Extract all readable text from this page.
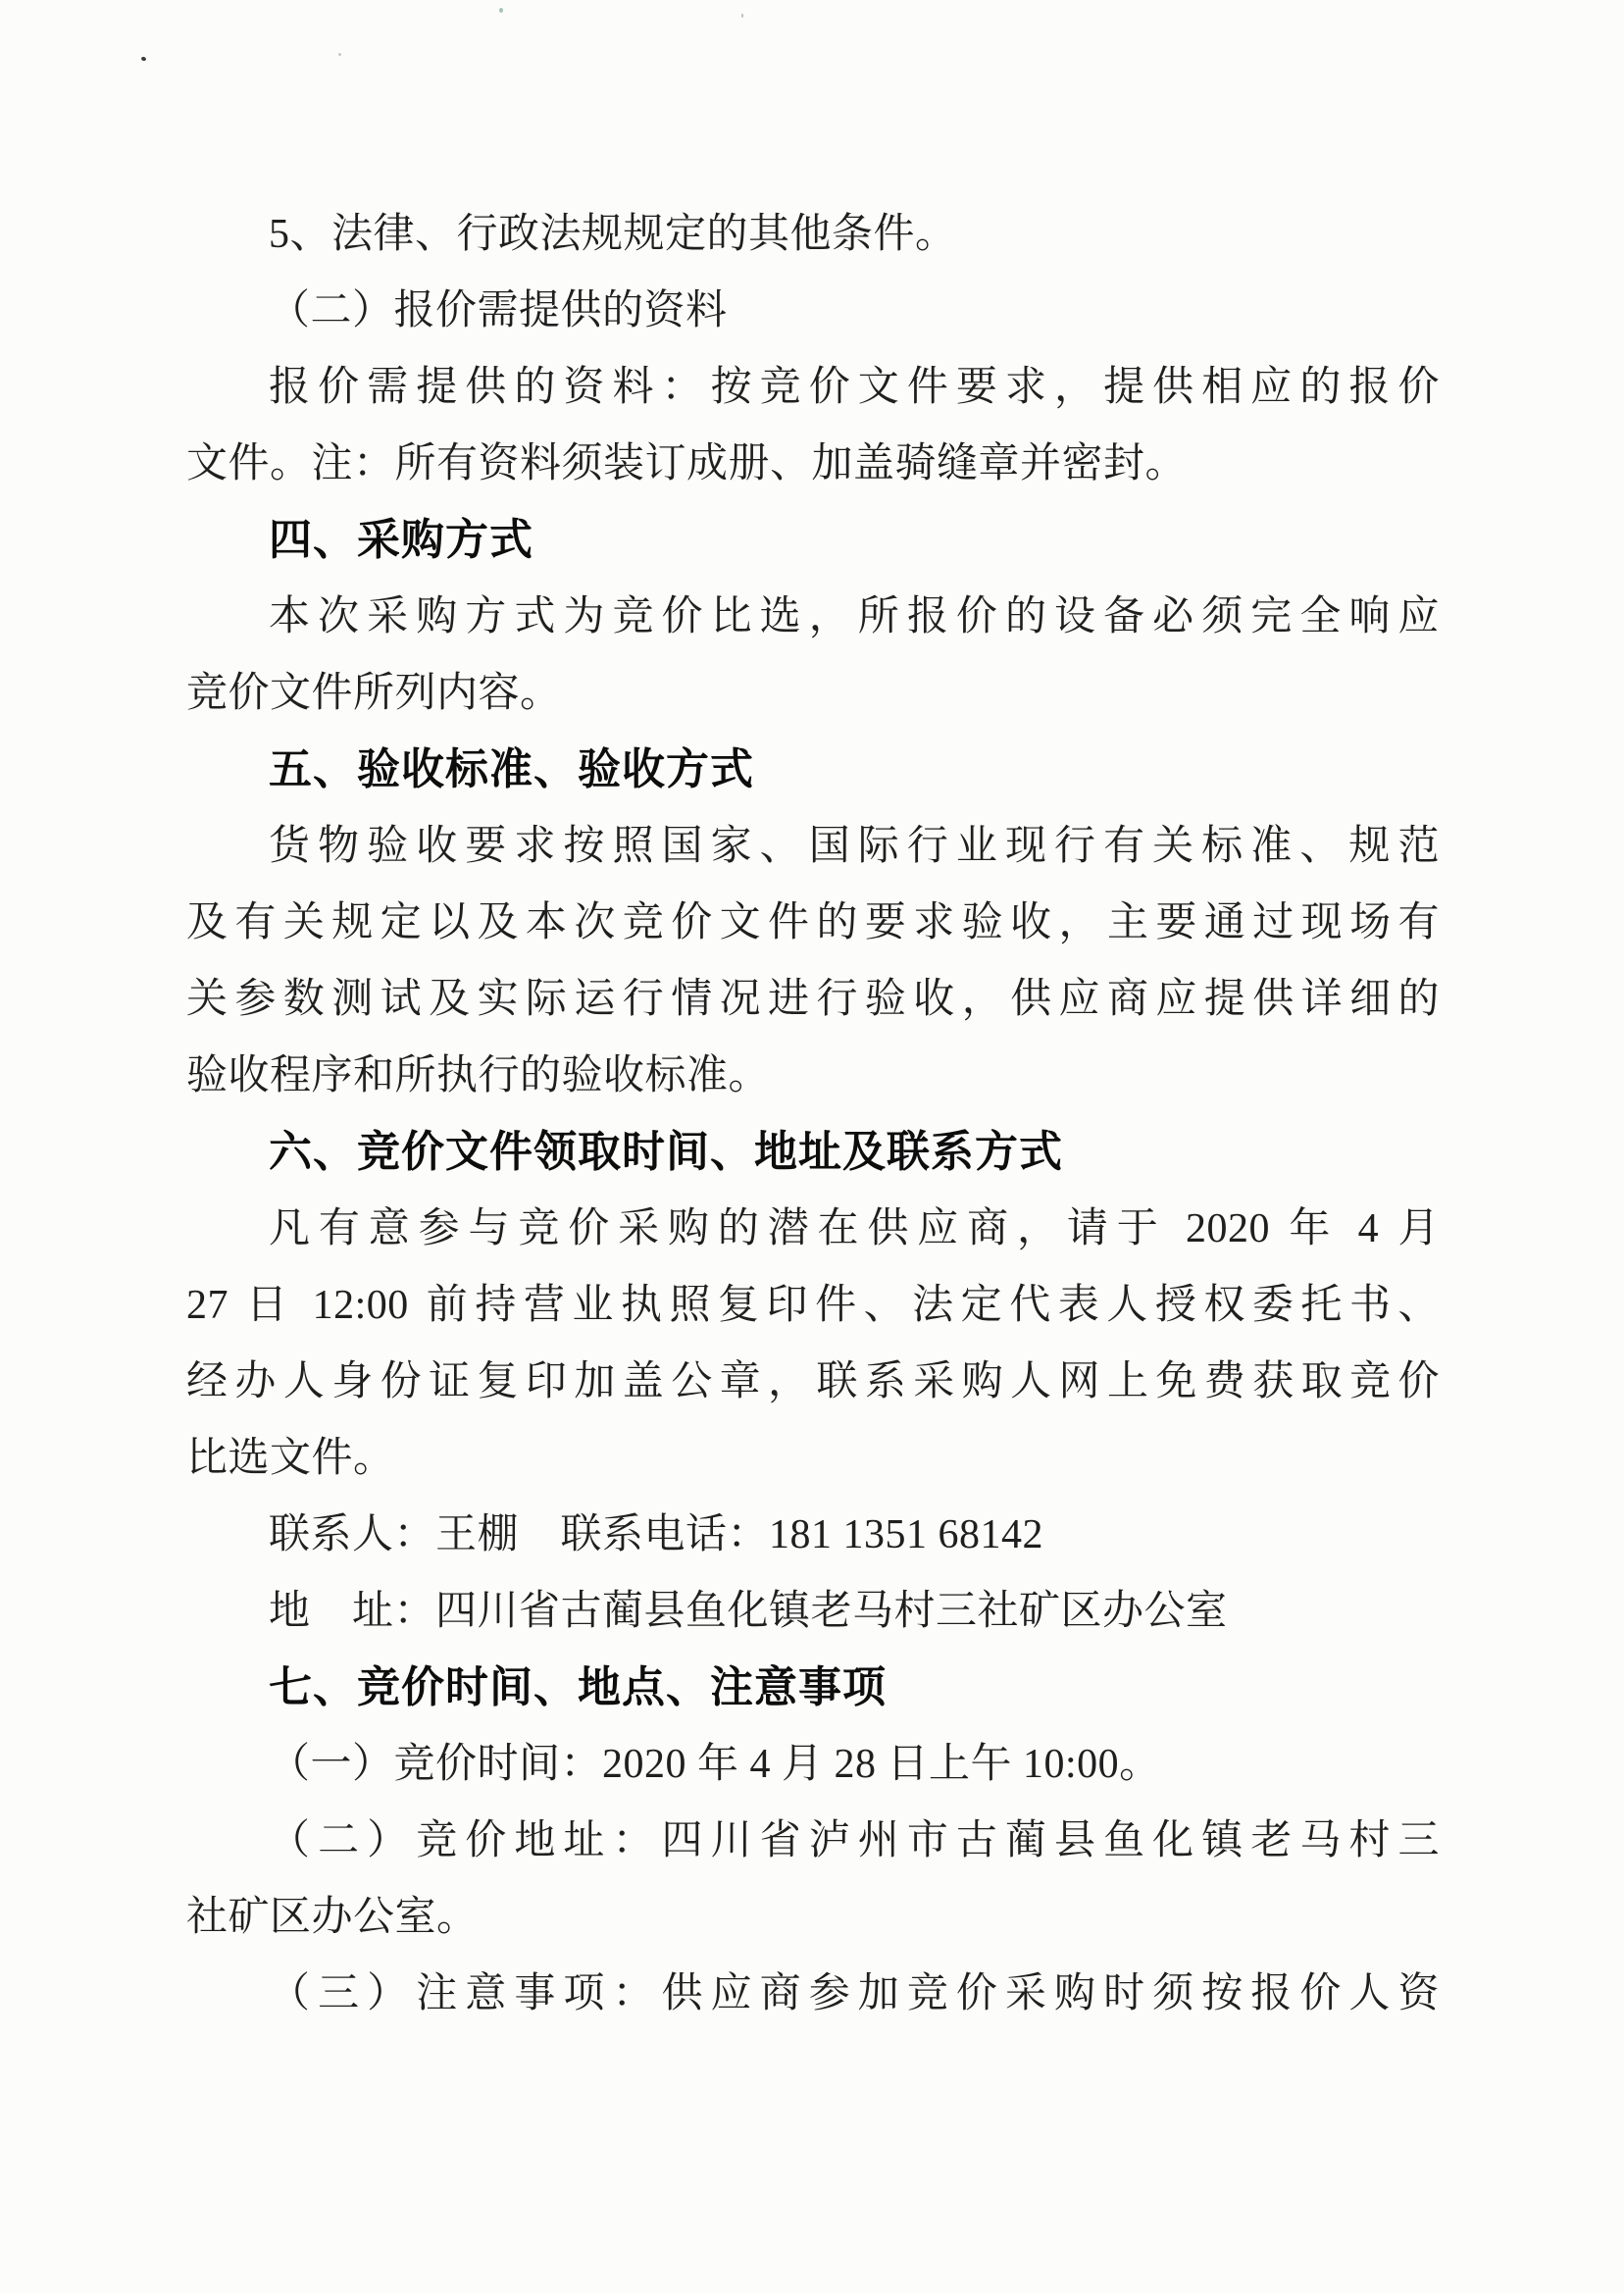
5、法律、行政法规规定的其他条件。
（二）报价需提供的资料
报价需提供的资料：按竞价文件要求，提供相应的报价
文件。注：所有资料须装订成册、加盖骑缝章并密封。
四、采购方式
本次采购方式为竞价比选，所报价的设备必须完全响应
竞价文件所列内容。
五、验收标准、验收方式
货物验收要求按照国家、国际行业现行有关标准、规范
及有关规定以及本次竞价文件的要求验收，主要通过现场有
关参数测试及实际运行情况进行验收，供应商应提供详细的
验收程序和所执行的验收标准。
六、竞价文件领取时间、地址及联系方式
凡有意参与竞价采购的潜在供应商，请于 2020 年 4 月
27 日 12:00 前持营业执照复印件、法定代表人授权委托书、
经办人身份证复印加盖公章，联系采购人网上免费获取竞价
比选文件。
联系人：王棚　联系电话：181 1351 68142
地　址：四川省古蔺县鱼化镇老马村三社矿区办公室
七、竞价时间、地点、注意事项
（一）竞价时间：2020 年 4 月 28 日上午 10:00。
（二）竞价地址：四川省泸州市古蔺县鱼化镇老马村三
社矿区办公室。
（三）注意事项：供应商参加竞价采购时须按报价人资
